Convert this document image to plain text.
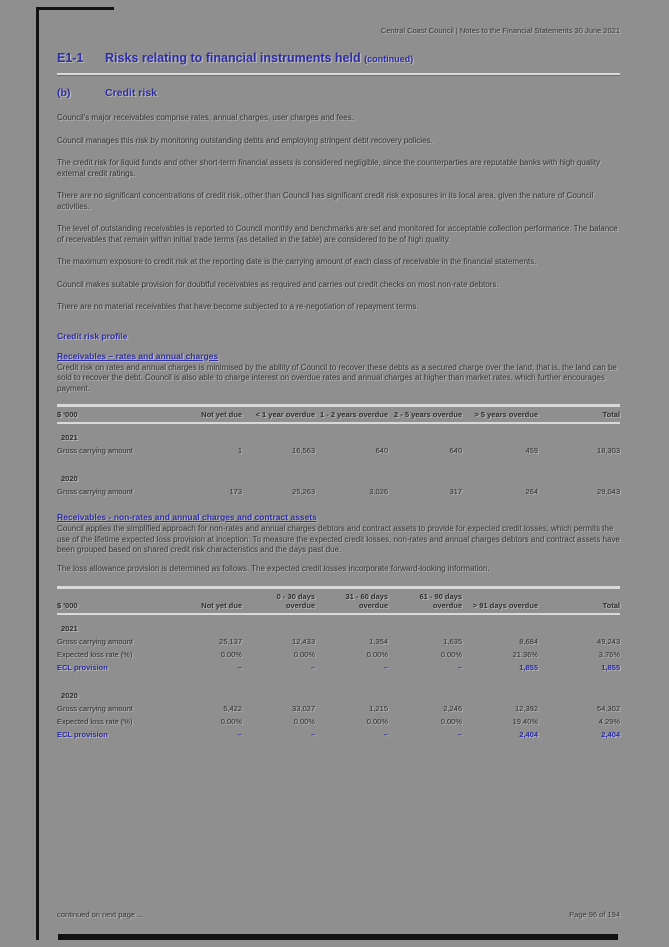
Central Coast Council | Notes to the Financial Statements 30 June 2021
E1-1 Risks relating to financial instruments held (continued)
(b)	Credit risk

Council's major receivables comprise rates, annual charges, user charges and fees.

Council manages this risk by monitoring outstanding debts and employing stringent debt recovery policies.

The credit risk for liquid funds and other short-term financial assets is considered negligible, since the counterparties are reputable banks with high quality external credit ratings.

There are no significant concentrations of credit risk, other than Council has significant credit risk exposures in its local area, given the nature of Council activities.

The level of outstanding receivables is reported to Council monthly and benchmarks are set and monitored for acceptable collection performance. The balance of receivables that remain within initial trade terms (as detailed in the table) are considered to be of high quality.

The maximum exposure to credit risk at the reporting date is the carrying amount of each class of receivable in the financial statements.

Council makes suitable provision for doubtful receivables as required and carries out credit checks on most non-rate debtors.

There are no material receivables that have become subjected to a re-negotiation of repayment terms.

Credit risk profile
Receivables – rates and annual charges

Credit risk on rates and annual charges is minimised by the ability of Council to recover these debts as a secured charge over the land; that is, the land can be sold to recover the debt. Council is also able to charge interest on overdue rates and annual charges at higher than market rates, which further encourages payment.

$ '000	Not yet due	< 1 year overdue	1 - 2 years overdue	2 - 5 years overdue	> 5 years overdue	Total
2021						
Gross carrying amount	1	16,563	640	640	459	18,303

2020						
Gross carrying amount	173	25,263	3,026	317	264	29,043
Receivables - non-rates and annual charges and contract assets

Council applies the simplified approach for non-rates and annual charges debtors and contract assets to provide for expected credit losses, which permits the use of the lifetime expected loss provision at inception. To measure the expected credit losses, non-rates and annual charges debtors and contract assets have been grouped based on shared credit risk characteristics and the days past due.

The loss allowance provision is determined as follows. The expected credit losses incorporate forward-looking information.

$ '000	Not yet due	0 - 30 days overdue	31 - 60 days overdue	61 - 90 days overdue	> 91 days overdue	Total
2021						
Gross carrying amount	25,137	12,433	1,354	1,635	8,684	49,243
Expected loss rate (%)	0.00%	0.00%	0.00%	0.00%	21.36%	3.76%
ECL provision	–	–	–	–	1,855	1,855

2020						
Gross carrying amount	5,422	33,027	1,215	2,246	12,392	54,302
Expected loss rate (%)	0.00%	0.00%	0.00%	0.00%	19.40%	4.29%
ECL provision	–	–	–	–	2,404	2,404
continued on next page ...	Page 96 of 194
